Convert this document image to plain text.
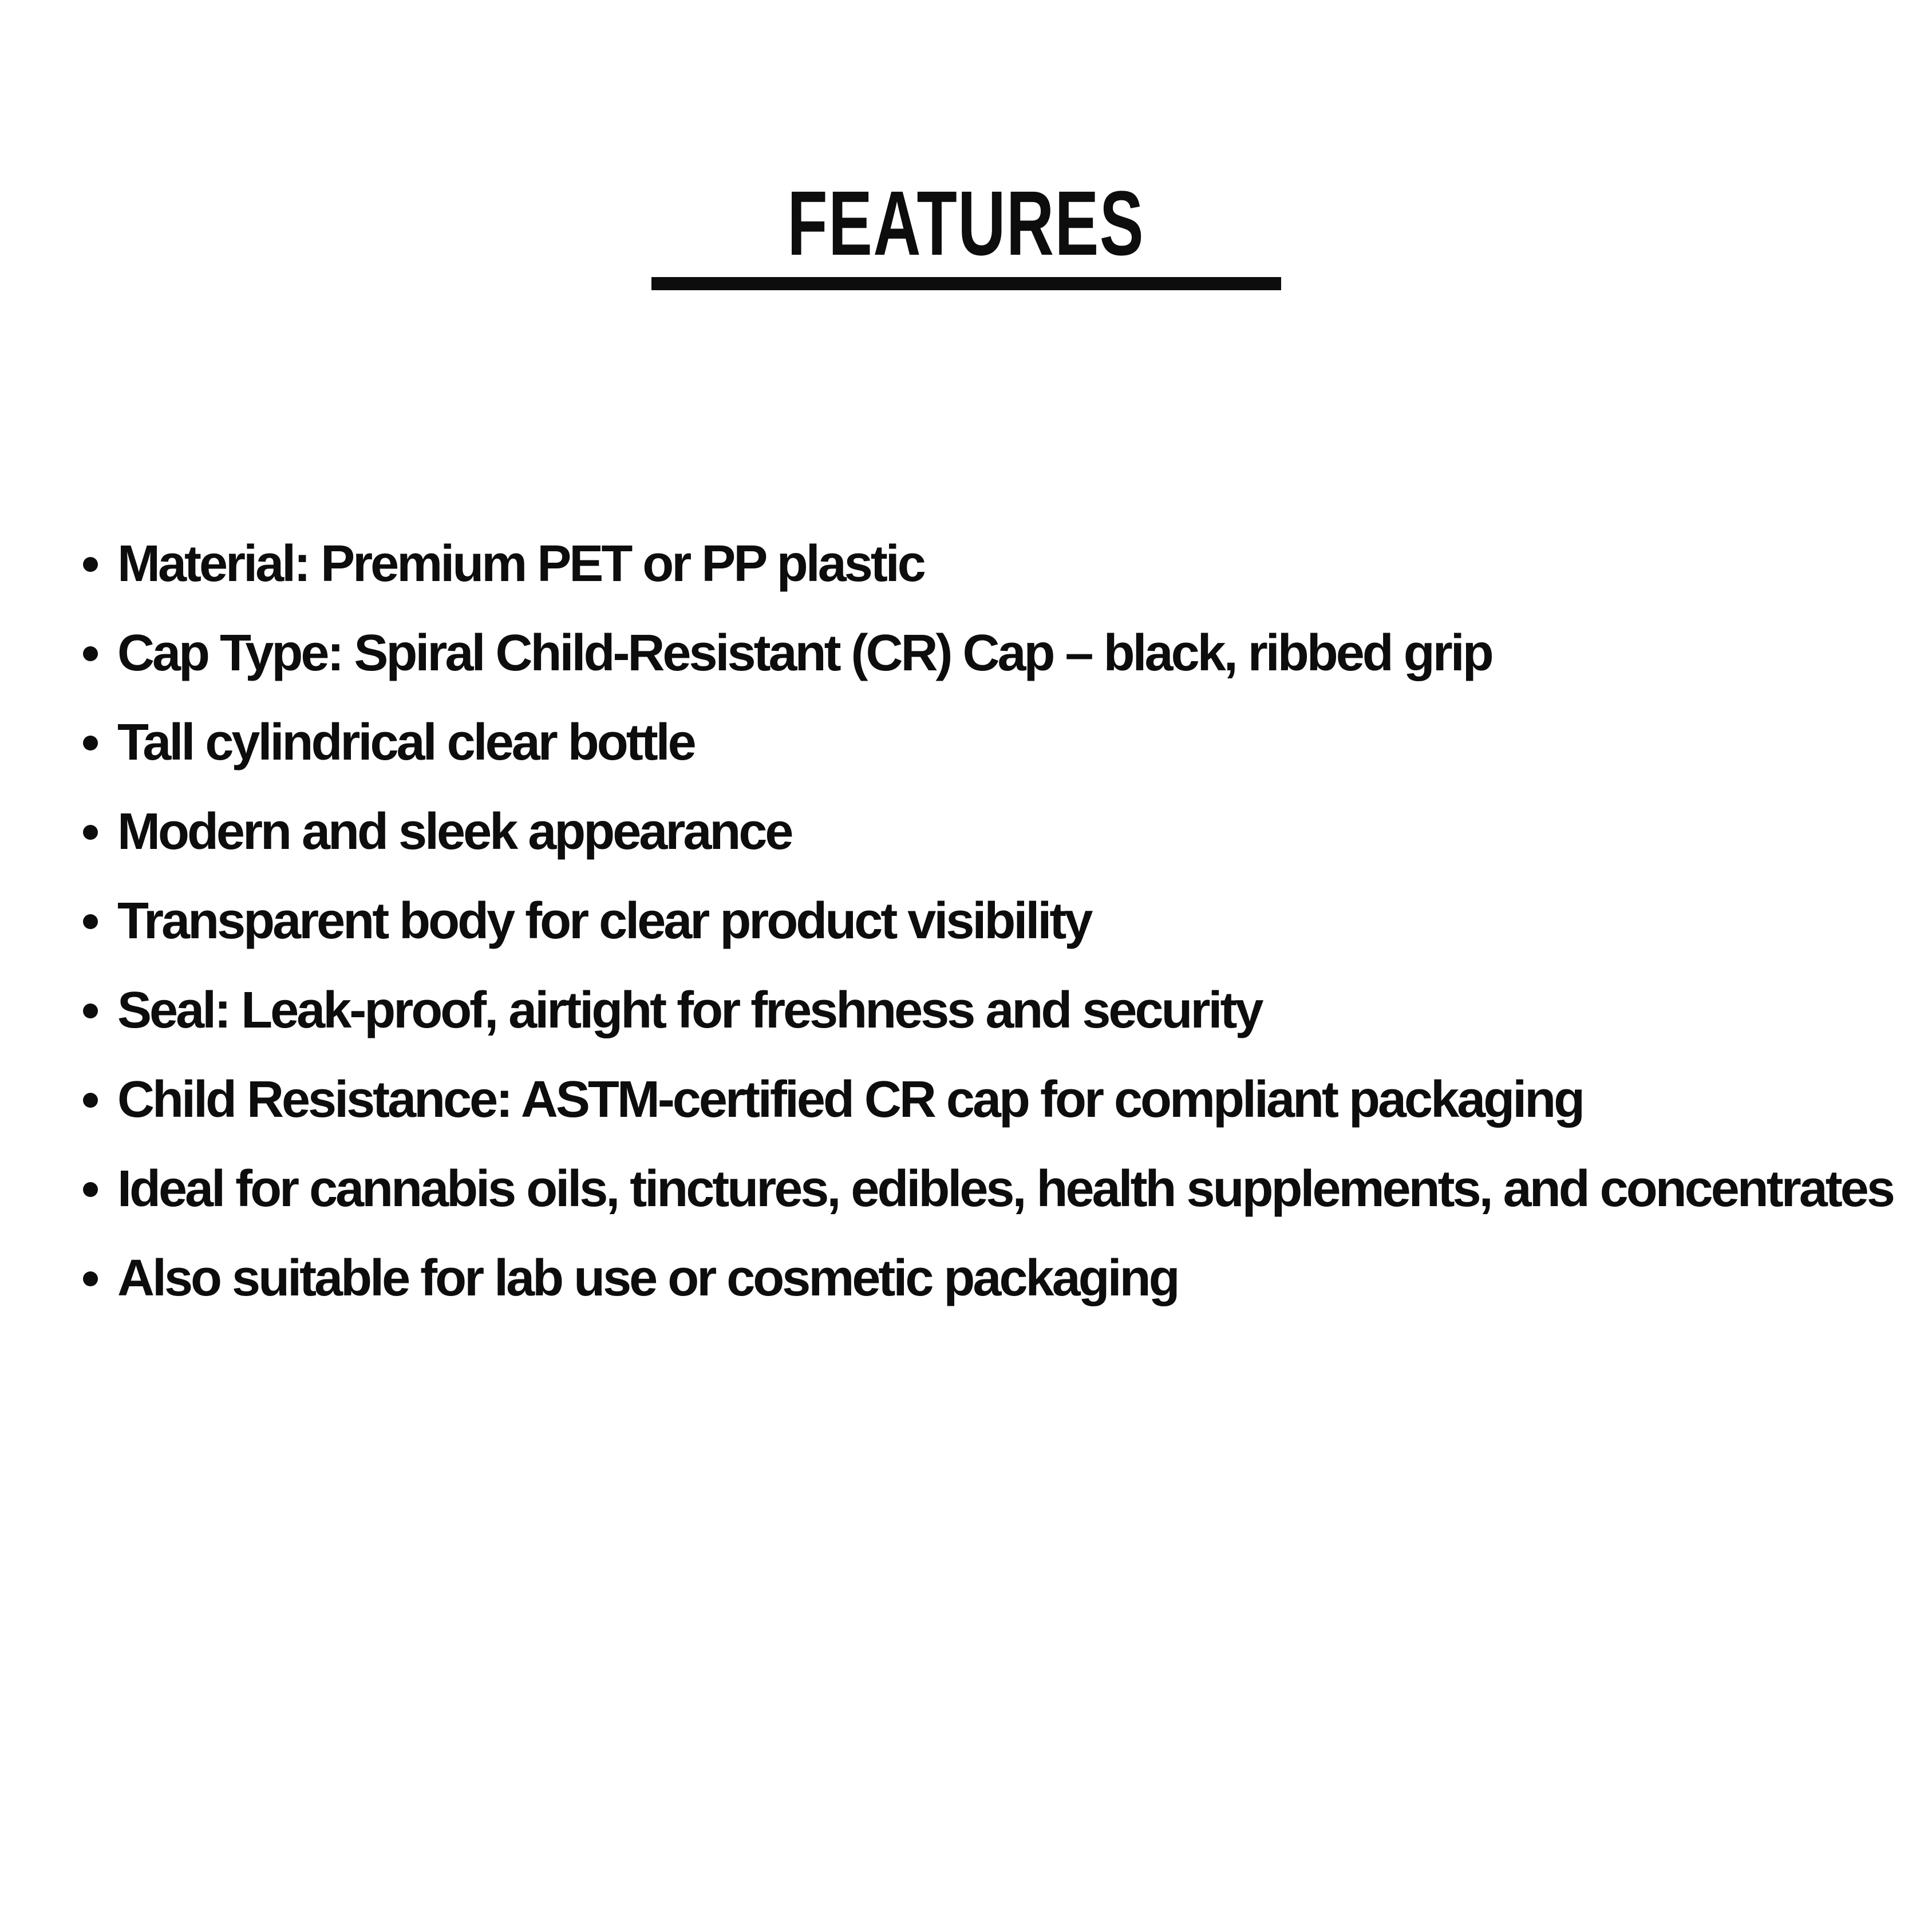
FEATURES
Material: Premium PET or PP plastic
Cap Type: Spiral Child-Resistant (CR) Cap – black, ribbed grip
Tall cylindrical clear bottle
Modern and sleek appearance
Transparent body for clear product visibility
Seal: Leak-proof, airtight for freshness and security
Child Resistance: ASTM-certified CR cap for compliant packaging
Ideal for cannabis oils, tinctures, edibles, health supplements, and concentrates
Also suitable for lab use or cosmetic packaging
